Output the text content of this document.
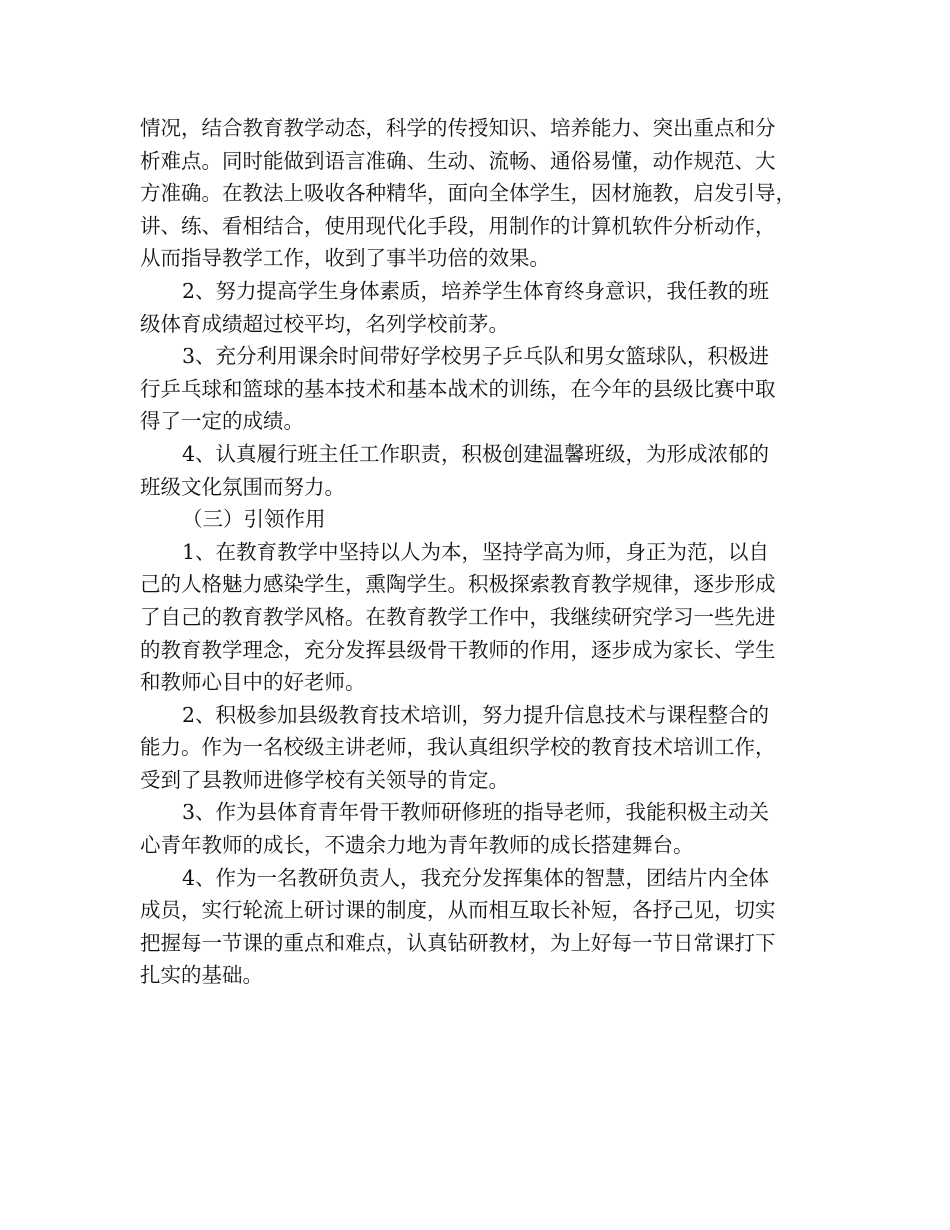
情况，结合教育教学动态，科学的传授知识、培养能力、突出重点和分
析难点。同时能做到语言准确、生动、流畅、通俗易懂，动作规范、大
方准确。在教法上吸收各种精华，面向全体学生，因材施教，启发引导，
讲、练、看相结合，使用现代化手段，用制作的计算机软件分析动作，
从而指导教学工作，收到了事半功倍的效果。
2、努力提高学生身体素质，培养学生体育终身意识，我任教的班
级体育成绩超过校平均，名列学校前茅。
3、充分利用课余时间带好学校男子乒乓队和男女篮球队，积极进
行乒乓球和篮球的基本技术和基本战术的训练，在今年的县级比赛中取
得了一定的成绩。
4、认真履行班主任工作职责，积极创建温馨班级，为形成浓郁的
班级文化氛围而努力。
（三）引领作用
1、在教育教学中坚持以人为本，坚持学高为师，身正为范，以自
己的人格魅力感染学生，熏陶学生。积极探索教育教学规律，逐步形成
了自己的教育教学风格。在教育教学工作中，我继续研究学习一些先进
的教育教学理念，充分发挥县级骨干教师的作用，逐步成为家长、学生
和教师心目中的好老师。
2、积极参加县级教育技术培训，努力提升信息技术与课程整合的
能力。作为一名校级主讲老师，我认真组织学校的教育技术培训工作，
受到了县教师进修学校有关领导的肯定。
3、作为县体育青年骨干教师研修班的指导老师，我能积极主动关
心青年教师的成长，不遗余力地为青年教师的成长搭建舞台。
4、作为一名教研负责人，我充分发挥集体的智慧，团结片内全体
成员，实行轮流上研讨课的制度，从而相互取长补短，各抒己见，切实
把握每一节课的重点和难点，认真钻研教材，为上好每一节日常课打下
扎实的基础。
